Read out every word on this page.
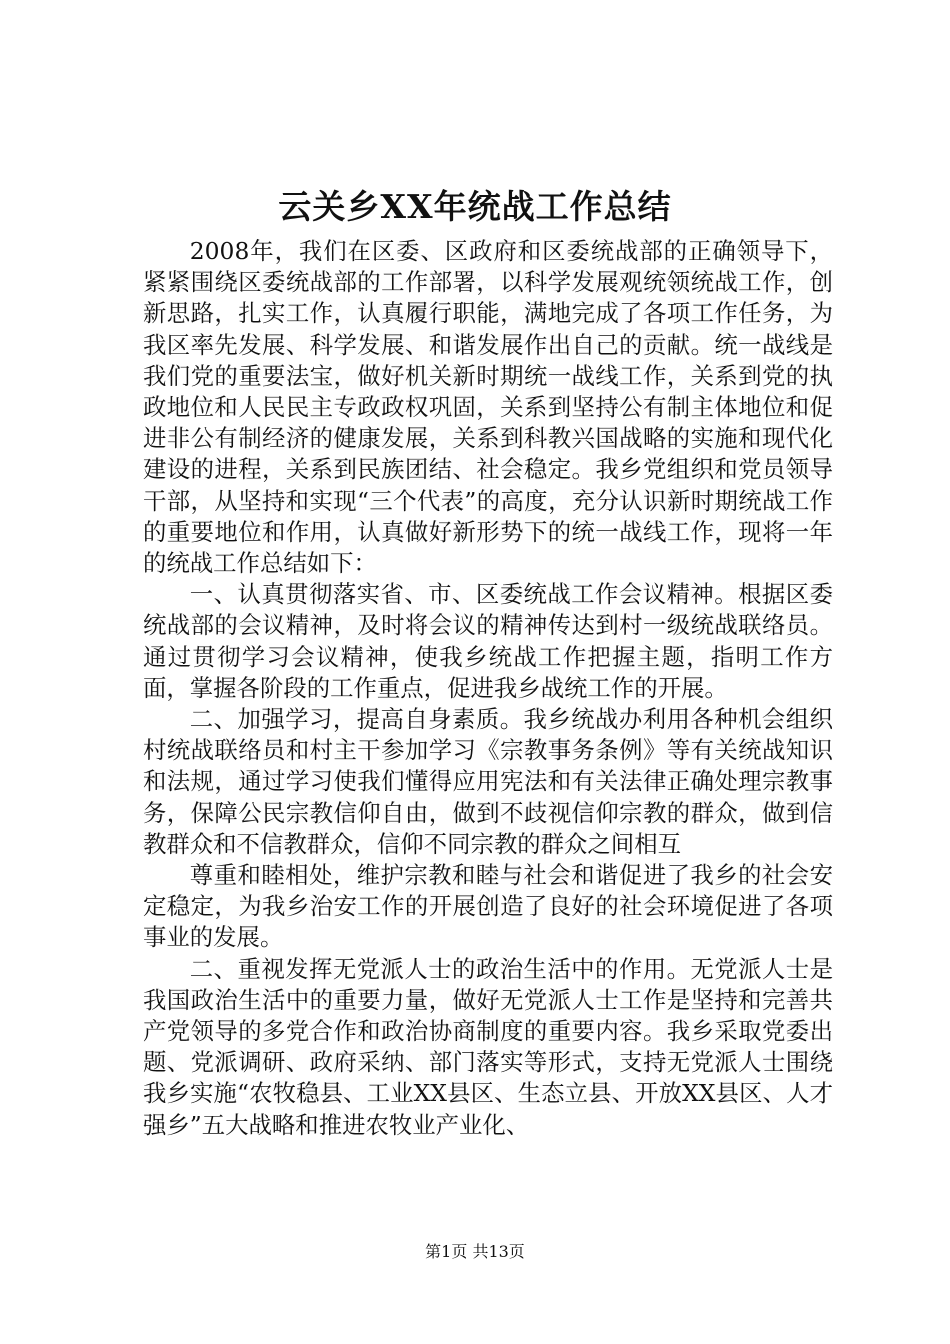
云关乡XX年统战工作总结

2008年，我们在区委、区政府和区委统战部的正确领导下，紧紧围绕区委统战部的工作部署，以科学发展观统领统战工作，创新思路，扎实工作，认真履行职能，满地完成了各项工作任务，为我区率先发展、科学发展、和谐发展作出自己的贡献。统一战线是我们党的重要法宝，做好机关新时期统一战线工作，关系到党的执政地位和人民民主专政政权巩固，关系到坚持公有制主体地位和促进非公有制经济的健康发展，关系到科教兴国战略的实施和现代化建设的进程，关系到民族团结、社会稳定。我乡党组织和党员领导干部，从坚持和实现“三个代表”的高度，充分认识新时期统战工作的重要地位和作用，认真做好新形势下的统一战线工作，现将一年的统战工作总结如下：

一、认真贯彻落实省、市、区委统战工作会议精神。根据区委统战部的会议精神，及时将会议的精神传达到村一级统战联络员。通过贯彻学习会议精神，使我乡统战工作把握主题，指明工作方面，掌握各阶段的工作重点，促进我乡战统工作的开展。

二、加强学习，提高自身素质。我乡统战办利用各种机会组织村统战联络员和村主干参加学习《宗教事务条例》等有关统战知识和法规，通过学习使我们懂得应用宪法和有关法律正确处理宗教事务，保障公民宗教信仰自由，做到不歧视信仰宗教的群众，做到信教群众和不信教群众，信仰不同宗教的群众之间相互

尊重和睦相处，维护宗教和睦与社会和谐促进了我乡的社会安定稳定，为我乡治安工作的开展创造了良好的社会环境促进了各项事业的发展。

二、重视发挥无党派人士的政治生活中的作用。无党派人士是我国政治生活中的重要力量，做好无党派人士工作是坚持和完善共产党领导的多党合作和政治协商制度的重要内容。我乡采取党委出题、党派调研、政府采纳、部门落实等形式，支持无党派人士围绕我乡实施“农牧稳县、工业XX县区、生态立县、开放XX县区、人才强乡”五大战略和推进农牧业产业化、

第1页 共13页
